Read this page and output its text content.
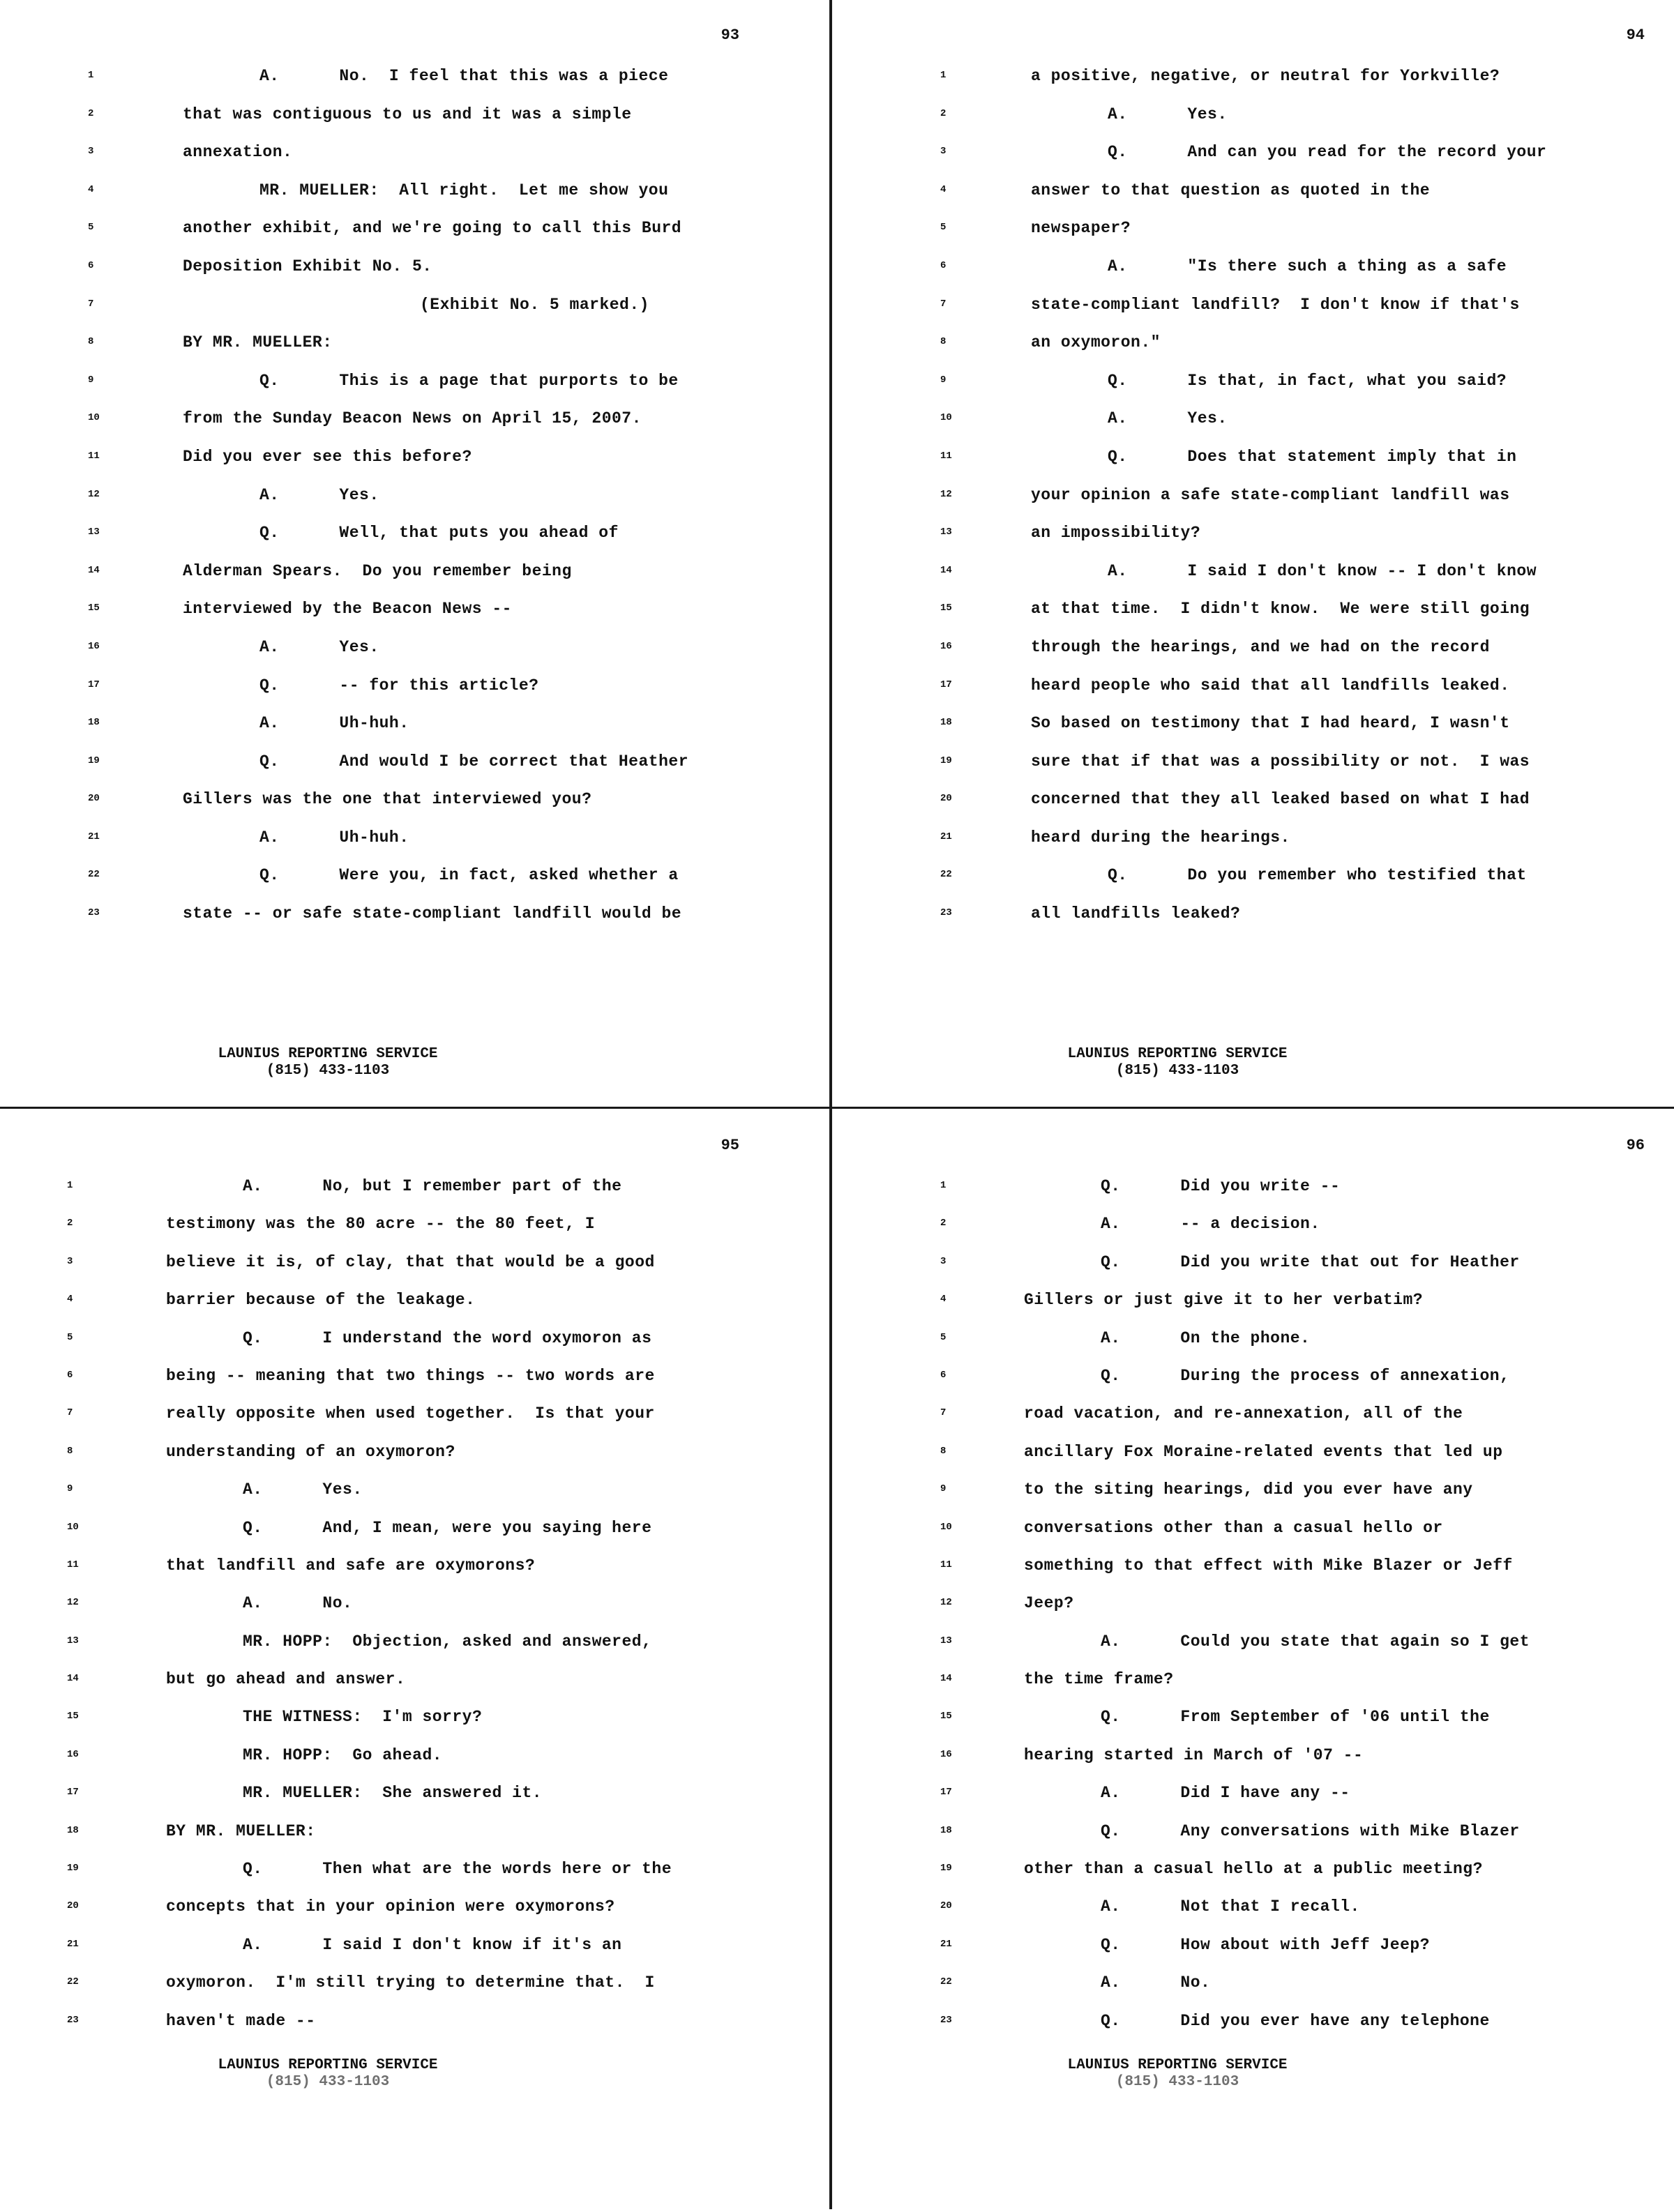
93
1	A.      No.  I feel that this was a piece
2	that was contiguous to us and it was a simple
3	annexation.
4	MR. MUELLER:  All right.  Let me show you
5	another exhibit, and we're going to call this Burd
6	Deposition Exhibit No. 5.
7	(Exhibit No. 5 marked.)
8	BY MR. MUELLER:
9	Q.      This is a page that purports to be
10	from the Sunday Beacon News on April 15, 2007.
11	Did you ever see this before?
12	A.      Yes.
13	Q.      Well, that puts you ahead of
14	Alderman Spears.  Do you remember being
15	interviewed by the Beacon News --
16	A.      Yes.
17	Q.      -- for this article?
18	A.      Uh-huh.
19	Q.      And would I be correct that Heather
20	Gillers was the one that interviewed you?
21	A.      Uh-huh.
22	Q.      Were you, in fact, asked whether a
23	state -- or safe state-compliant landfill would be
LAUNIUS REPORTING SERVICE
(815) 433-1103
94
1	a positive, negative, or neutral for Yorkville?
2	A.      Yes.
3	Q.      And can you read for the record your
4	answer to that question as quoted in the
5	newspaper?
6	A.      "Is there such a thing as a safe
7	state-compliant landfill?  I don't know if that's
8	an oxymoron."
9	Q.      Is that, in fact, what you said?
10	A.      Yes.
11	Q.      Does that statement imply that in
12	your opinion a safe state-compliant landfill was
13	an impossibility?
14	A.      I said I don't know -- I don't know
15	at that time.  I didn't know.  We were still going
16	through the hearings, and we had on the record
17	heard people who said that all landfills leaked.
18	So based on testimony that I had heard, I wasn't
19	sure that if that was a possibility or not.  I was
20	concerned that they all leaked based on what I had
21	heard during the hearings.
22	Q.      Do you remember who testified that
23	all landfills leaked?
LAUNIUS REPORTING SERVICE
(815) 433-1103
95
1	A.      No, but I remember part of the
2	testimony was the 80 acre -- the 80 feet, I
3	believe it is, of clay, that that would be a good
4	barrier because of the leakage.
5	Q.      I understand the word oxymoron as
6	being -- meaning that two things -- two words are
7	really opposite when used together.  Is that your
8	understanding of an oxymoron?
9	A.      Yes.
10	Q.      And, I mean, were you saying here
11	that landfill and safe are oxymorons?
12	A.      No.
13	MR. HOPP:  Objection, asked and answered,
14	but go ahead and answer.
15	THE WITNESS:  I'm sorry?
16	MR. HOPP:  Go ahead.
17	MR. MUELLER:  She answered it.
18	BY MR. MUELLER:
19	Q.      Then what are the words here or the
20	concepts that in your opinion were oxymorons?
21	A.      I said I don't know if it's an
22	oxymoron.  I'm still trying to determine that.  I
23	haven't made --
LAUNIUS REPORTING SERVICE
(815) 433-1103
96
1	Q.      Did you write --
2	A.      -- a decision.
3	Q.      Did you write that out for Heather
4	Gillers or just give it to her verbatim?
5	A.      On the phone.
6	Q.      During the process of annexation,
7	road vacation, and re-annexation, all of the
8	ancillary Fox Moraine-related events that led up
9	to the siting hearings, did you ever have any
10	conversations other than a casual hello or
11	something to that effect with Mike Blazer or Jeff
12	Jeep?
13	A.      Could you state that again so I get
14	the time frame?
15	Q.      From September of '06 until the
16	hearing started in March of '07 --
17	A.      Did I have any --
18	Q.      Any conversations with Mike Blazer
19	other than a casual hello at a public meeting?
20	A.      Not that I recall.
21	Q.      How about with Jeff Jeep?
22	A.      No.
23	Q.      Did you ever have any telephone
LAUNIUS REPORTING SERVICE
(815) 433-1103
